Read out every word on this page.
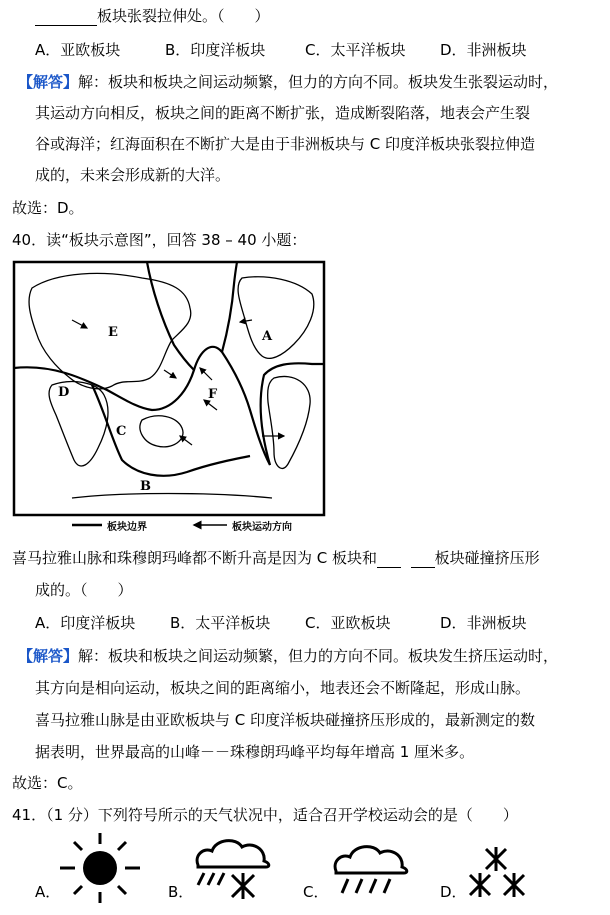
板块张裂拉伸处。（　　）
A．亚欧板块	B．印度洋板块	C．太平洋板块 D．非洲板块
【解答】解：板块和板块之间运动频繁，但力的方向不同。板块发生张裂运动时，
其运动方向相反，板块之间的距离不断扩张，造成断裂陷落，地表会产生裂
谷或海洋；红海面积在不断扩大是由于非洲板块与 C 印度洋板块张裂拉伸造
成的，未来会形成新的大洋。
故选：D。
40．读“板块示意图”，回答 38 – 40 小题：
A
B
C
D
E
F
板块边界	板块运动方向
喜马拉雅山脉和珠穆朗玛峰都不断升高是因为 C 板块和	板块碰撞挤压形
成的。（　　）
A．印度洋板块 B．太平洋板块 C．亚欧板块	D．非洲板块
【解答】解：板块和板块之间运动频繁，但力的方向不同。板块发生挤压运动时，
其方向是相向运动，板块之间的距离缩小，地表还会不断隆起，形成山脉。
喜马拉雅山脉是由亚欧板块与 C 印度洋板块碰撞挤压形成的，最新测定的数
据表明，世界最高的山峰－－珠穆朗玛峰平均每年增高 1 厘米多。
故选：C。
41．（1 分）下列符号所示的天气状况中，适合召开学校运动会的是（　　）
A．	B．	C．	D．
